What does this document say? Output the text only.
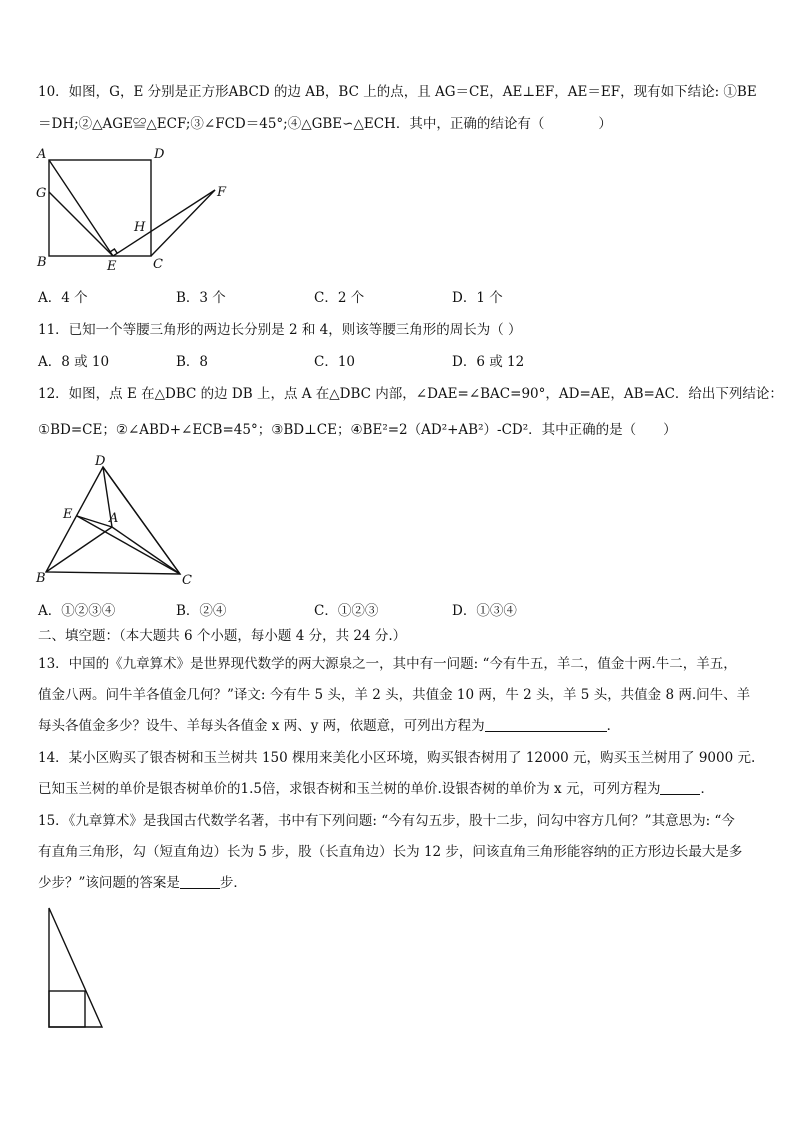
10．如图，G，E 分别是正方形ABCD 的边 AB，BC 上的点，且 AG＝CE，AE⊥EF，AE＝EF，现有如下结论: ①BE
＝DH;②△AGE≌△ECF;③∠FCD＝45°;④△GBE∽△ECH．其中，正确的结论有（　　　　）
A	D
G	F
H
B	E	C
A．4 个	B．3 个	C．2 个	D．1 个
11．已知一个等腰三角形的两边长分别是 2 和 4，则该等腰三角形的周长为（ ）
A．8 或 10	B．8	C．10	D．6 或 12
12．如图，点 E 在△DBC 的边 DB 上，点 A 在△DBC 内部，∠DAE=∠BAC=90°，AD=AE，AB=AC．给出下列结论：
①BD=CE；②∠ABD+∠ECB=45°；③BD⊥CE；④BE²=2（AD²+AB²）-CD²．其中正确的是（　　）
D
E	A
B	C
A．①②③④	B．②④	C．①②③	D．①③④
二、填空题：（本大题共 6 个小题，每小题 4 分，共 24 分.）
13．中国的《九章算术》是世界现代数学的两大源泉之一，其中有一问题: “今有牛五，羊二，值金十两.牛二，羊五，
值金八两。问牛羊各值金几何？”译文: 今有牛 5 头，羊 2 头，共值金 10 两，牛 2 头，羊 5 头，共值金 8 两.问牛、羊
每头各值金多少？设牛、羊每头各值金 x 两、y 两，依题意，可列出方程为	．
14．某小区购买了银杏树和玉兰树共 150 棵用来美化小区环境，购买银杏树用了 12000 元，购买玉兰树用了 9000 元.
已知玉兰树的单价是银杏树单价的1.5倍，求银杏树和玉兰树的单价.设银杏树的单价为 x 元，可列方程为	．
15．《九章算术》是我国古代数学名著，书中有下列问题: “今有勾五步，股十二步，问勾中容方几何？”其意思为: “今
有直角三角形，勾（短直角边）长为 5 步，股（长直角边）长为 12 步，问该直角三角形能容纳的正方形边长最大是多
少步？”该问题的答案是	步．
